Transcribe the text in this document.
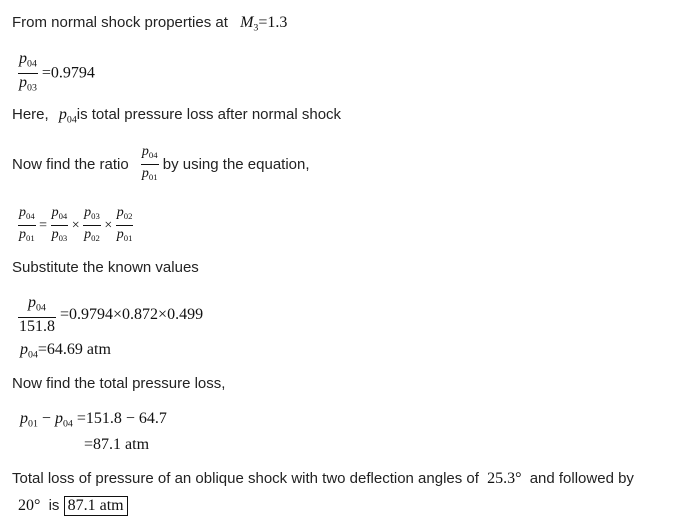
From normal shock properties at $M_3=1.3$
$\frac{p_{04}}{p_{03}} =0.9794$
Here, $p_{04}is$ total pressure loss after normal shock
Now find the ratio $\frac{p_{04}}{p_{01}}$ by using the equation,
$\frac{p_{04}}{p_{01}} = \frac{p_{04}}{p_{03}} \times \frac{p_{03}}{p_{02}} \times \frac{p_{02}}{p_{01}}$
Substitute the known values
$\frac{p_{04}}{151.8} =0.9794\times 0.872\times 0.499$
$p_{04}=64.69$ atm
Now find the total pressure loss,
$p_{01} - p_{04} =151.8 - 64.7$
=87.1 atm
Total loss of pressure of an oblique shock with two deflection angles of 25.3° and followed by
20° is 87.1 atm
